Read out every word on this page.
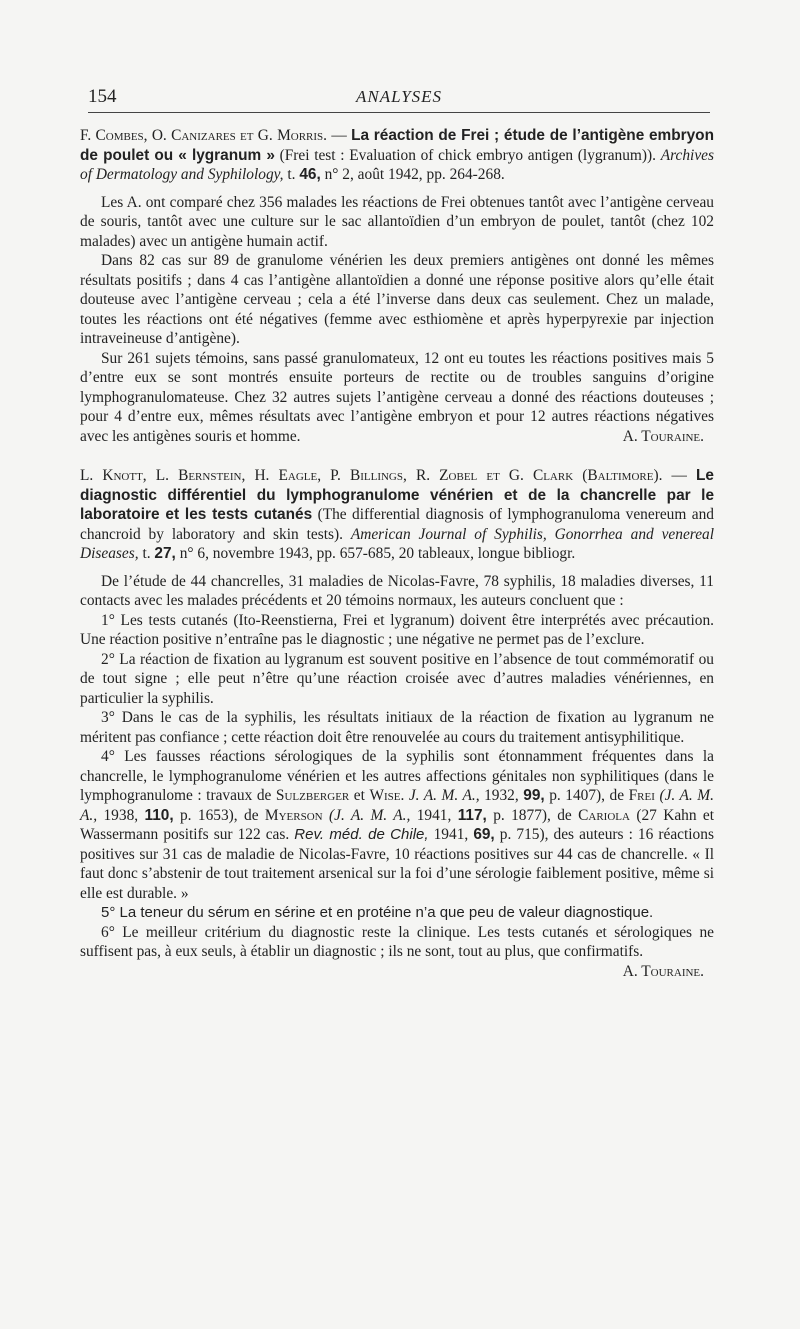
154	ANALYSES

F. Combes, O. Canizares et G. Morris. — La réaction de Frei ; étude de l’antigène embryon de poulet ou « lygranum » (Frei test : Evaluation of chick embryo antigen (lygranum)). Archives of Dermatology and Syphilology, t. 46, n° 2, août 1942, pp. 264-268.

Les A. ont comparé chez 356 malades les réactions de Frei obtenues tantôt avec l’antigène cerveau de souris, tantôt avec une culture sur le sac allantoïdien d’un embryon de poulet, tantôt (chez 102 malades) avec un antigène humain actif.

Dans 82 cas sur 89 de granulome vénérien les deux premiers antigènes ont donné les mêmes résultats positifs ; dans 4 cas l’antigène allantoïdien a donné une réponse positive alors qu’elle était douteuse avec l’antigène cerveau ; cela a été l’inverse dans deux cas seulement. Chez un malade, toutes les réactions ont été négatives (femme avec esthiomène et après hyperpyrexie par injection intraveineuse d’antigène).

Sur 261 sujets témoins, sans passé granulomateux, 12 ont eu toutes les réactions positives mais 5 d’entre eux se sont montrés ensuite porteurs de rectite ou de troubles sanguins d’origine lymphogranulomateuse. Chez 32 autres sujets l’antigène cerveau a donné des réactions douteuses ; pour 4 d’entre eux, mêmes résultats avec l’antigène embryon et pour 12 autres réactions négatives avec les antigènes souris et homme.	A. Touraine.

L. Knott, L. Bernstein, H. Eagle, P. Billings, R. Zobel et G. Clark (Baltimore). — Le diagnostic différentiel du lymphogranulome vénérien et de la chancrelle par le laboratoire et les tests cutanés (The differential diagnosis of lymphogranuloma venereum and chancroid by laboratory and skin tests). American Journal of Syphilis, Gonorrhea and venereal Diseases, t. 27, n° 6, novembre 1943, pp. 657-685, 20 tableaux, longue bibliogr.

De l’étude de 44 chancrelles, 31 maladies de Nicolas-Favre, 78 syphilis, 18 maladies diverses, 11 contacts avec les malades précédents et 20 témoins normaux, les auteurs concluent que :

1° Les tests cutanés (Ito-Reenstierna, Frei et lygranum) doivent être interprétés avec précaution. Une réaction positive n’entraîne pas le diagnostic ; une négative ne permet pas de l’exclure.

2° La réaction de fixation au lygranum est souvent positive en l’absence de tout commémoratif ou de tout signe ; elle peut n’être qu’une réaction croisée avec d’autres maladies vénériennes, en particulier la syphilis.

3° Dans le cas de la syphilis, les résultats initiaux de la réaction de fixation au lygranum ne méritent pas confiance ; cette réaction doit être renouvelée au cours du traitement antisyphilitique.

4° Les fausses réactions sérologiques de la syphilis sont étonnamment fréquentes dans la chancrelle, le lymphogranulome vénérien et les autres affections génitales non syphilitiques (dans le lymphogranulome : travaux de Sulzberger et Wise. J. A. M. A., 1932, 99, p. 1407), de Frei (J. A. M. A., 1938, 110, p. 1653), de Myerson (J. A. M. A., 1941, 117, p. 1877), de Cariola (27 Kahn et Wassermann positifs sur 122 cas. Rev. méd. de Chile, 1941, 69, p. 715), des auteurs : 16 réactions positives sur 31 cas de maladie de Nicolas-Favre, 10 réactions positives sur 44 cas de chancrelle. « Il faut donc s’abstenir de tout traitement arsenical sur la foi d’une sérologie faiblement positive, même si elle est durable. »

5° La teneur du sérum en sérine et en protéine n’a que peu de valeur diagnostique.

6° Le meilleur critérium du diagnostic reste la clinique. Les tests cutanés et sérologiques ne suffisent pas, à eux seuls, à établir un diagnostic ; ils ne sont, tout au plus, que confirmatifs.
A. Touraine.
